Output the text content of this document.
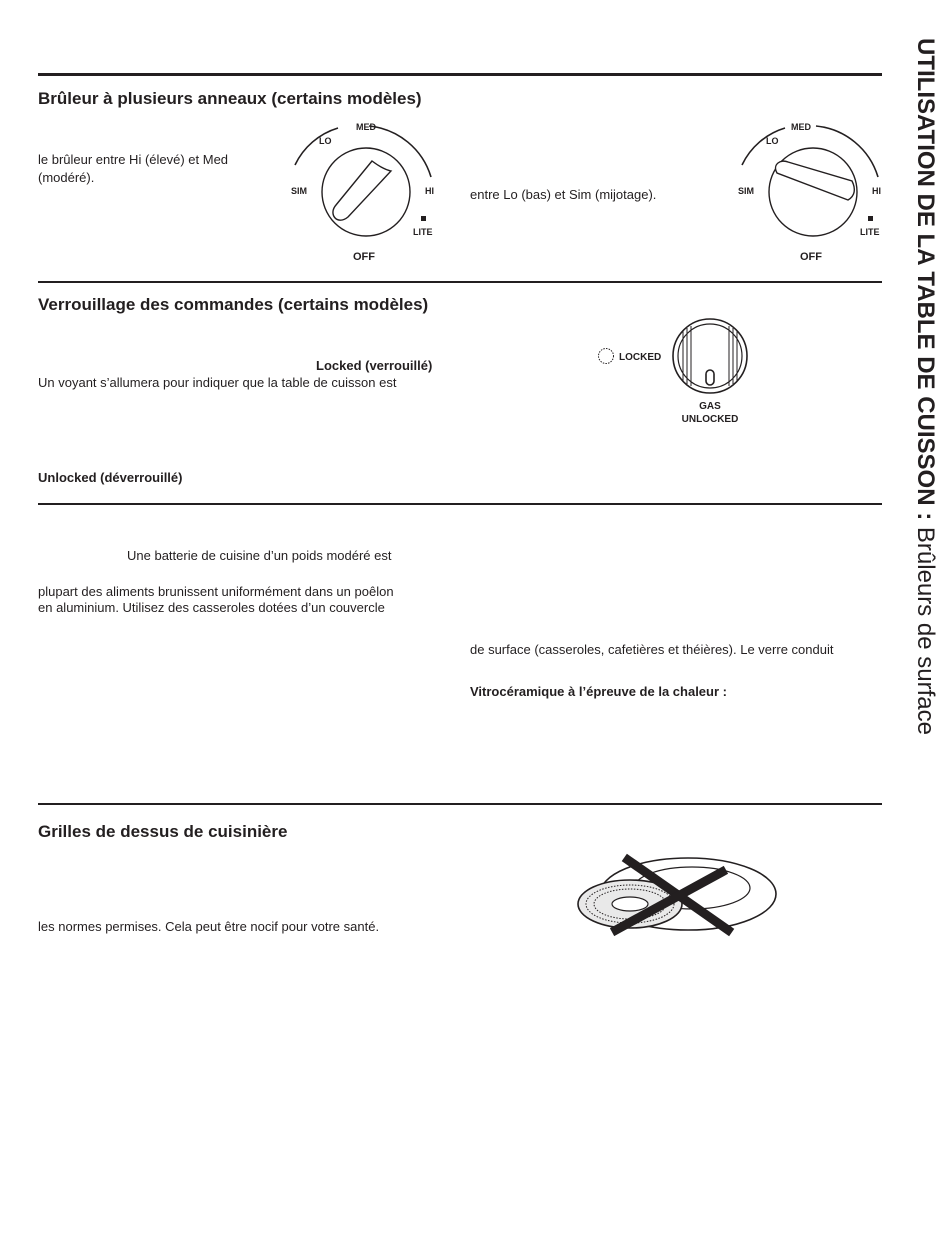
UTILISATION DE LA TABLE DE CUISSON : Brûleurs de surface
Brûleur à plusieurs anneaux (certains modèles)

le brûleur entre Hi (élevé) et Med

(modéré).

entre Lo (bas) et Sim (mijotage).

MED
LO
SIM	HI
LITE
OFF
MED
LO
SIM	HI
LITE
OFF
Verrouillage des commandes (certains modèles)

Locked (verrouillé)

Un voyant s’allumera pour indiquer que la table de cuisson est

Unlocked (déverrouillé)

LOCKED
GAS
UNLOCKED

Une batterie de cuisine d’un poids modéré est

plupart des aliments brunissent uniformément dans un poêlon

en aluminium. Utilisez des casseroles dotées d’un couvercle

de surface (casseroles, cafetières et théières). Le verre conduit

Vitrocéramique à l’épreuve de la chaleur :

Grilles de dessus de cuisinière

les normes permises. Cela peut être nocif pour votre santé.
